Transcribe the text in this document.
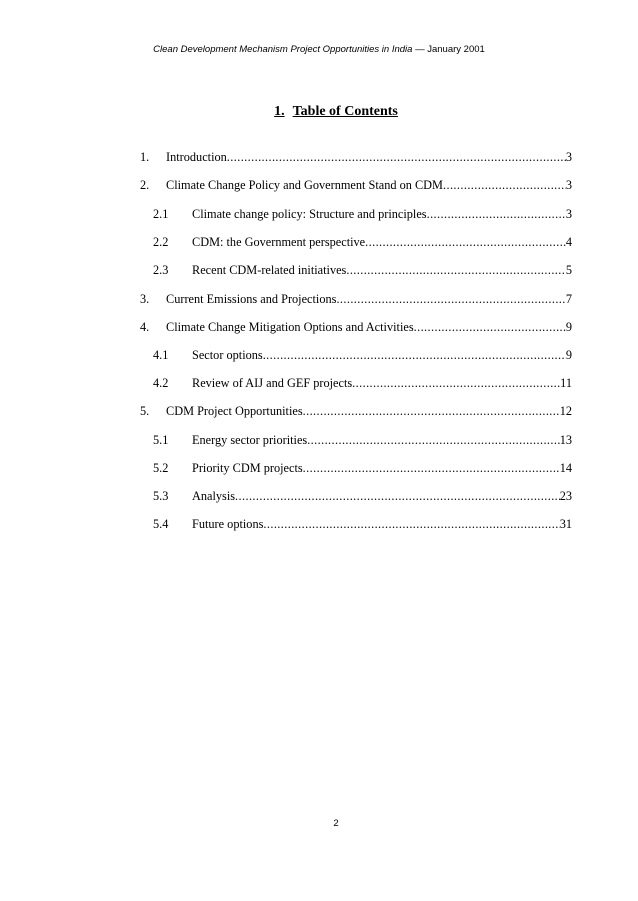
Clean Development Mechanism Project Opportunities in India — January 2001
1. Table of Contents
1.	Introduction .....	3
2.	Climate Change Policy and Government Stand on CDM .....	3
2.1	Climate change policy: Structure and principles .....	3
2.2	CDM: the Government perspective .....	4
2.3	Recent CDM-related initiatives .....	5
3.	Current Emissions and Projections .....	7
4.	Climate Change Mitigation Options and Activities .....	9
4.1	Sector options .....	9
4.2	Review of AIJ and GEF projects .....	11
5.	CDM Project Opportunities .....	12
5.1	Energy sector priorities .....	13
5.2	Priority CDM projects .....	14
5.3	Analysis .....	23
5.4	Future options .....	31
2
